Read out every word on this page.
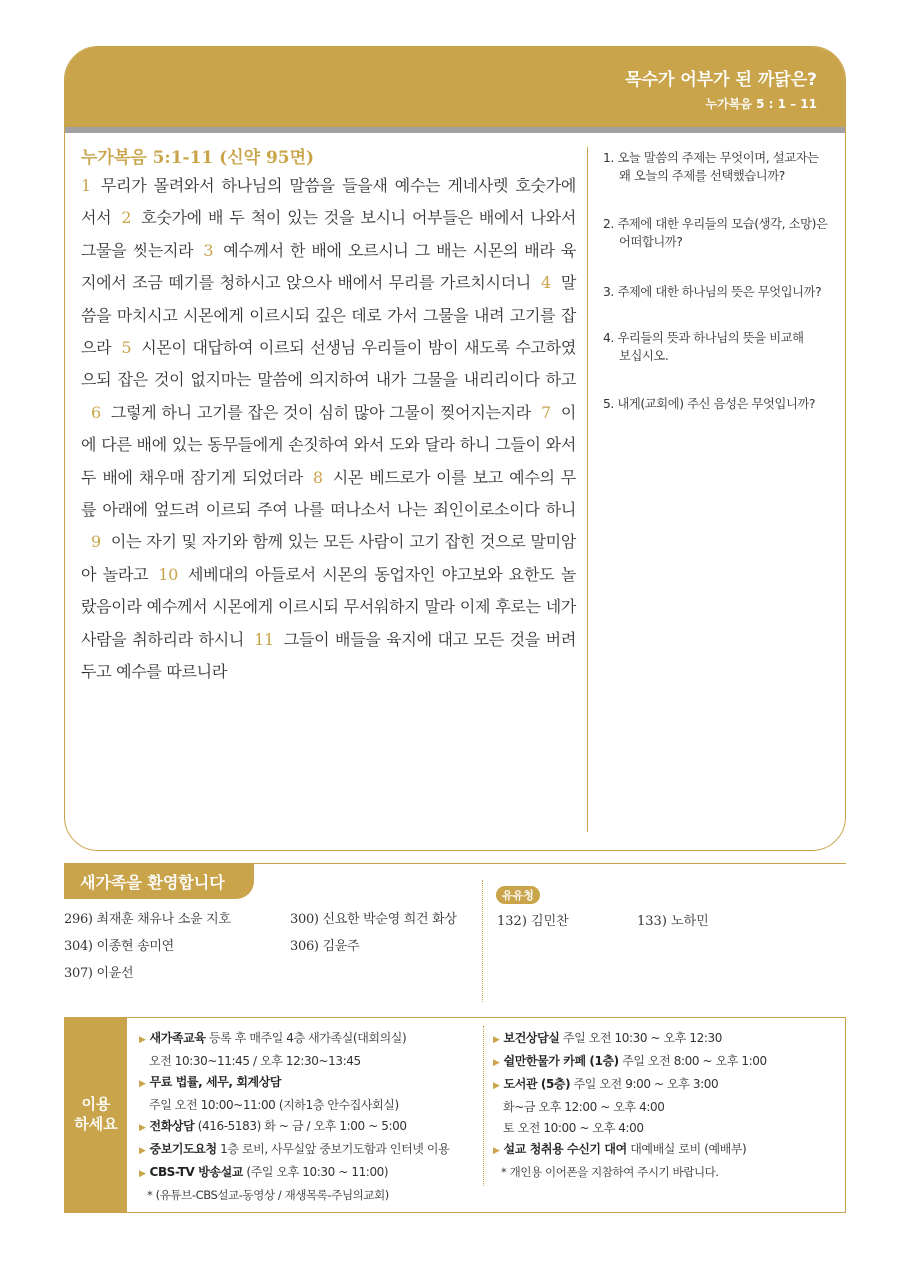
목수가 어부가 된 까닭은?
누가복음 5 : 1 – 11
누가복음 5:1-11 (신약 95면)
1 무리가 몰려와서 하나님의 말씀을 들을새 예수는 게네사렛 호숫가에 서서 2 호숫가에 배 두 척이 있는 것을 보시니 어부들은 배에서 나와서 그물을 씻는지라 3 예수께서 한 배에 오르시니 그 배는 시몬의 배라 육지에서 조금 떼기를 청하시고 앉으사 배에서 무리를 가르치시더니 4 말씀을 마치시고 시몬에게 이르시되 깊은 데로 가서 그물을 내려 고기를 잡으라 5 시몬이 대답하여 이르되 선생님 우리들이 밤이 새도록 수고하였으되 잡은 것이 없지마는 말씀에 의지하여 내가 그물을 내리리이다 하고6 그렇게 하니 고기를 잡은 것이 심히 많아 그물이 찢어지는지라 7 이에 다른 배에 있는 동무들에게 손짓하여 와서 도와 달라 하니 그들이 와서 두 배에 채우매 잠기게 되었더라 8 시몬 베드로가 이를 보고 예수의 무릎 아래에 엎드려 이르되 주여 나를 떠나소서 나는 죄인이로소이다 하니9 이는 자기 및 자기와 함께 있는 모든 사람이 고기 잡힌 것으로 말미암아 놀라고 10 세베대의 아들로서 시몬의 동업자인 야고보와 요한도 놀랐음이라 예수께서 시몬에게 이르시되 무서워하지 말라 이제 후로는 네가 사람을 취하리라 하시니 11 그들이 배들을 육지에 대고 모든 것을 버려 두고 예수를 따르니라
1. 오늘 말씀의 주제는 무엇이며, 설교자는
왜 오늘의 주제를 선택했습니까?
2. 주제에 대한 우리들의 모습(생각, 소망)은
어떠합니까?
3. 주제에 대한 하나님의 뜻은 무엇입니까?
4. 우리들의 뜻과 하나님의 뜻을 비교해
보십시오.
5. 내게(교회에) 주신 음성은 무엇입니까?
새가족을 환영합니다
296) 최재훈 채유나 소윤 지호	300) 신요한 박순영 희건 화상
304) 이종현 송미연	306) 김윤주
307) 이윤선
유유청
132) 김민찬	133) 노하민
이용
하세요
▶ 새가족교육 등록 후 매주일 4층 새가족실(대회의실)
오전 10:30~11:45 / 오후 12:30~13:45
▶ 무료 법률, 세무, 회계상담
주일 오전 10:00~11:00 (지하1층 안수집사회실)
▶ 전화상담 (416-5183) 화 ~ 금 / 오후 1:00 ~ 5:00
▶ 중보기도요청 1층 로비, 사무실앞 중보기도함과 인터넷 이용
▶ CBS-TV 방송설교 (주일 오후 10:30 ~ 11:00)
* (유튜브-CBS설교-동영상 / 재생목록-주님의교회)
▶ 보건상담실 주일 오전 10:30 ~ 오후 12:30
▶ 쉴만한물가 카페 (1층) 주일 오전 8:00 ~ 오후 1:00
▶ 도서관 (5층) 주일 오전 9:00 ~ 오후 3:00
화~금 오후 12:00 ~ 오후 4:00
토 오전 10:00 ~ 오후 4:00
▶ 설교 청취용 수신기 대여 대예배실 로비 (예배부)
* 개인용 이어폰을 지참하여 주시기 바랍니다.
